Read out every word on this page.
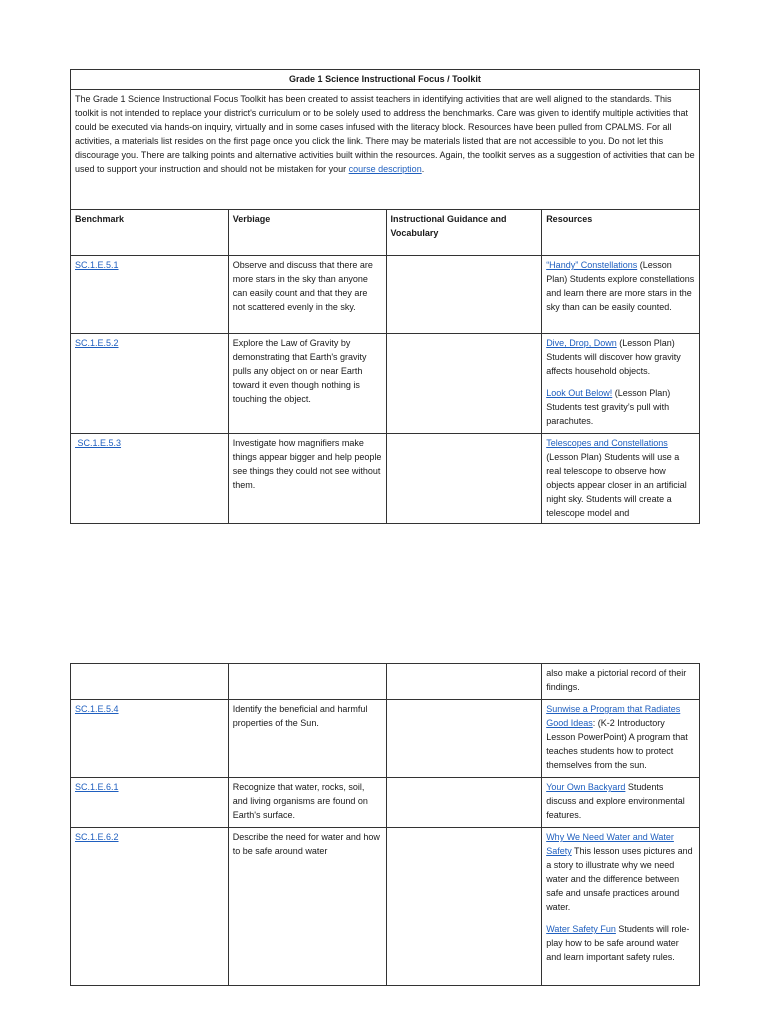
Grade 1 Science Instructional Focus / Toolkit			
The Grade 1 Science Instructional Focus Toolkit has been created to assist teachers in identifying activities that are well aligned to the standards. This toolkit is not intended to replace your district's curriculum or to be solely used to address the benchmarks. Care was given to identify multiple activities that could be executed via hands-on inquiry, virtually and in some cases infused with the literacy block. Resources have been pulled from CPALMS. For all activities, a materials list resides on the first page once you click the link. There may be materials listed that are not accessible to you. Do not let this discourage you. There are talking points and alternative activities built within the resources. Again, the toolkit serves as a suggestion of activities that can be used to support your instruction and should not be mistaken for your course description.			
Benchmark	Verbiage	Instructional Guidance and Vocabulary	Resources
SC.1.E.5.1	Observe and discuss that there are more stars in the sky than anyone can easily count and that they are not scattered evenly in the sky.		“Handy” Constellations (Lesson Plan) Students explore constellations and learn there are more stars in the sky than can be easily counted.

SC.1.E.5.2	Explore the Law of Gravity by demonstrating that Earth's gravity pulls any object on or near Earth toward it even though nothing is touching the object.		Dive, Drop, Down (Lesson Plan) Students will discover how gravity affects household objects.

Look Out Below! (Lesson Plan) Students test gravity’s pull with parachutes.

SC.1.E.5.3	Investigate how magnifiers make things appear bigger and help people see things they could not see without them.		Telescopes and Constellations (Lesson Plan) Students will use a real telescope to observe how objects appear closer in an artificial night sky. Students will create a telescope model and

			also make a pictorial record of their findings.
SC.1.E.5.4	Identify the beneficial and harmful properties of the Sun.		Sunwise a Program that Radiates Good Ideas: (K-2 Introductory Lesson PowerPoint) A program that teaches students how to protect themselves from the sun.

SC.1.E.6.1	Recognize that water, rocks, soil, and living organisms are found on Earth's surface.		Your Own Backyard Students discuss and explore environmental features.

SC.1.E.6.2	Describe the need for water and how to be safe around water		Why We Need Water and Water Safety This lesson uses pictures and a story to illustrate why we need water and the difference between safe and unsafe practices around water.

Water Safety Fun Students will role-play how to be safe around water and learn important safety rules.
